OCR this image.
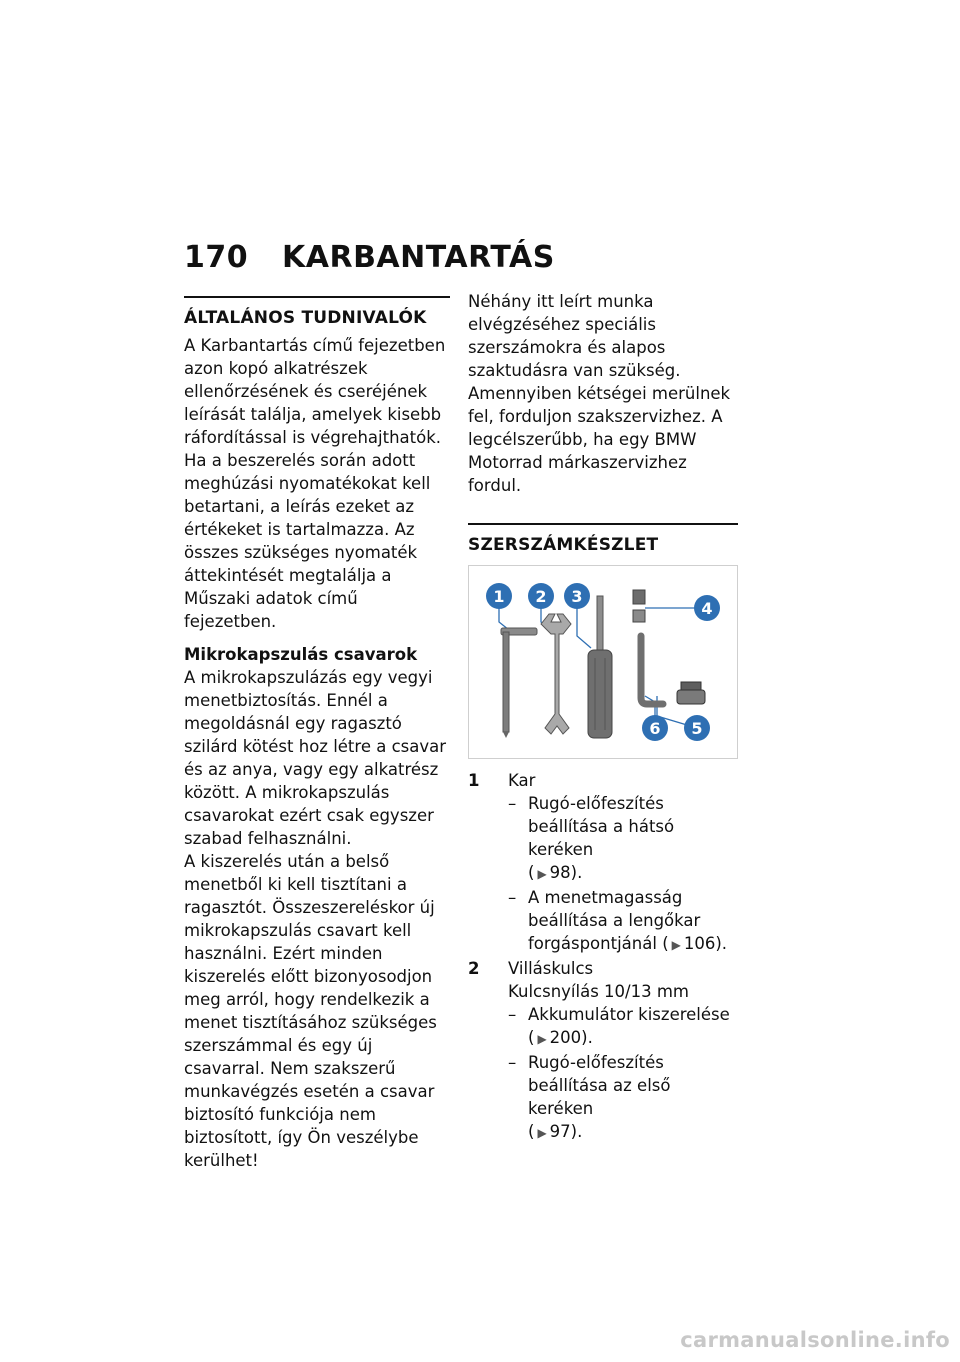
170 KARBANTARTÁS
ÁLTALÁNOS TUDNIVALÓK

A Karbantartás című fejezetben azon kopó alkatrészek ellenőrzésének és cseréjének leírását találja, amelyek kisebb ráfordítással is végrehajthatók.

Ha a beszerelés során adott meghúzási nyomatékokat kell betartani, a leírás ezeket az értékeket is tartalmazza. Az összes szükséges nyomaték áttekintését megtalálja a Műszaki adatok című fejezetben.

Mikrokapszulás csavarok

A mikrokapszulázás egy vegyi menetbiztosítás. Ennél a megoldásnál egy ragasztó szilárd kötést hoz létre a csavar és az anya, vagy egy alkatrész között. A mikrokapszulás csavarokat ezért csak egyszer szabad felhasználni.

A kiszerelés után a belső menetből ki kell tisztítani a ragasztót. Összeszereléskor új mikrokapszulás csavart kell használni. Ezért minden kiszerelés előtt bizonyosodjon meg arról, hogy rendelkezik a menet tisztításához szükséges szerszámmal és egy új csavarral. Nem szakszerű munkavégzés esetén a csavar biztosító funkciója nem biztosított, így Ön veszélybe kerülhet!

Néhány itt leírt munka elvégzéséhez speciális szerszámokra és alapos szaktudásra van szükség. Amennyiben kétségei merülnek fel, forduljon szakszervizhez. A legcélszerűbb, ha egy BMW Motorrad márkaszervizhez fordul.

SZERSZÁMKÉSZLET
1 2 3
4
5
6
1	Kar
– Rugó-előfeszítés beállítása a hátsó keréken
( ▶ 98).
– A menetmagasság beállítása a lengőkar forgáspontjánál ( ▶ 106).
2	Villáskulcs
Kulcsnyílás 10/13 mm
– Akkumulátor kiszerelése
( ▶ 200).
– Rugó-előfeszítés beállítása az első keréken
( ▶ 97).
carmanualsonline.info
